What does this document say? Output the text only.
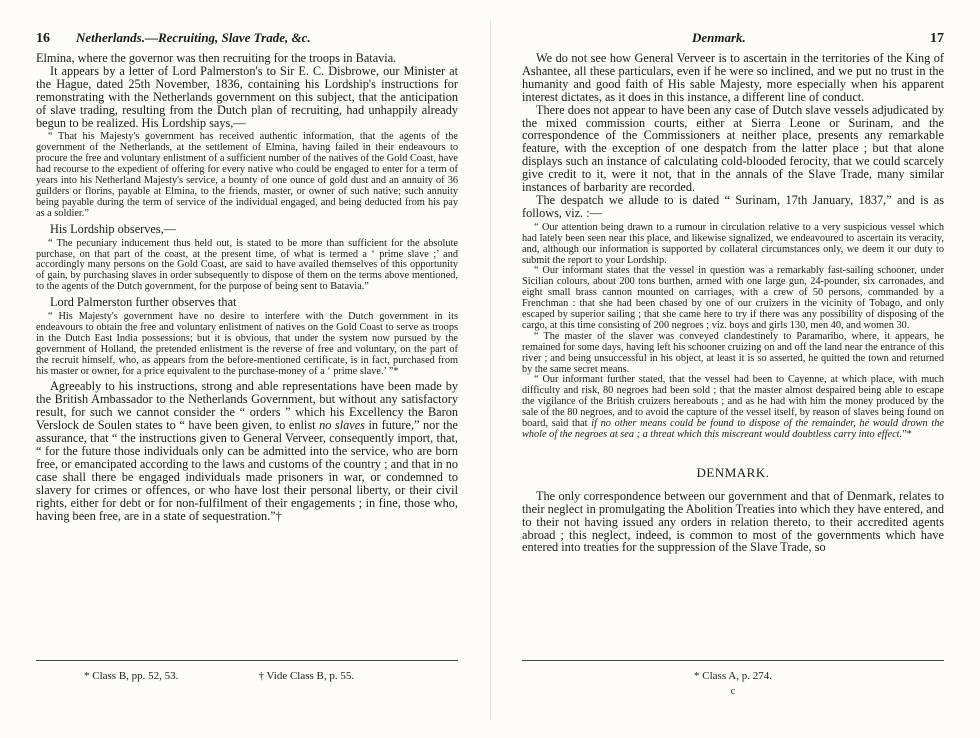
16 Netherlands.—Recruiting, Slave Trade, &c.

Elmina, where the governor was then recruiting for the troops in Batavia.

It appears by a letter of Lord Palmerston's to Sir E. C. Disbrowe, our Minister at the Hague, dated 25th November, 1836, containing his Lordship's instructions for remonstrating with the Netherlands government on this subject, that the anticipation of slave trading, resulting from the Dutch plan of recruiting, had unhappily already begun to be realized. His Lordship says,—

“ That his Majesty's government has received authentic information, that the agents of the government of the Netherlands, at the settlement of Elmina, having failed in their endeavours to procure the free and voluntary enlistment of a sufficient number of the natives of the Gold Coast, have had recourse to the expedient of offering for every native who could be engaged to enter for a term of years into his Netherland Majesty's service, a bounty of one ounce of gold dust and an annuity of 36 guilders or florins, payable at Elmina, to the friends, master, or owner of such native; such annuity being payable during the term of service of the individual engaged, and being deducted from his pay as a soldier.”

His Lordship observes,—

“ The pecuniary inducement thus held out, is stated to be more than sufficient for the absolute purchase, on that part of the coast, at the present time, of what is termed a ‘ prime slave ;’ and accordingly many persons on the Gold Coast, are said to have availed themselves of this opportunity of gain, by purchasing slaves in order subsequently to dispose of them on the terms above mentioned, to the agents of the Dutch government, for the purpose of being sent to Batavia.”

Lord Palmerston further observes that

“ His Majesty's government have no desire to interfere with the Dutch government in its endeavours to obtain the free and voluntary enlistment of natives on the Gold Coast to serve as troops in the Dutch East India possessions; but it is obvious, that under the system now pursued by the government of Holland, the pretended enlistment is the reverse of free and voluntary, on the part of the recruit himself, who, as appears from the before-mentioned certificate, is in fact, purchased from his master or owner, for a price equivalent to the purchase-money of a ‘ prime slave.’ ”*

Agreeably to his instructions, strong and able representations have been made by the British Ambassador to the Netherlands Government, but without any satisfactory result, for such we cannot consider the “ orders ” which his Excellency the Baron Verslock de Soulen states to “ have been given, to enlist no slaves in future,” nor the assurance, that “ the instructions given to General Verveer, consequently import, that, “ for the future those individuals only can be admitted into the service, who are born free, or emancipated according to the laws and customs of the country ; and that in no case shall there be engaged individuals made prisoners in war, or condemned to slavery for crimes or offences, or who have lost their personal liberty, or their civil rights, either for debt or for non-fulfilment of their engagements ; in fine, those who, having been free, are in a state of sequestration.”†

* Class B, pp. 52, 53.	† Vide Class B, p. 55.
Denmark.	17

We do not see how General Verveer is to ascertain in the territories of the King of Ashantee, all these particulars, even if he were so inclined, and we put no trust in the humanity and good faith of His sable Majesty, more especially when his apparent interest dictates, as it does in this instance, a different line of conduct.

There does not appear to have been any case of Dutch slave vessels adjudicated by the mixed commission courts, either at Sierra Leone or Surinam, and the correspondence of the Commissioners at neither place, presents any remarkable feature, with the exception of one despatch from the latter place ; but that alone displays such an instance of calculating cold-blooded ferocity, that we could scarcely give credit to it, were it not, that in the annals of the Slave Trade, many similar instances of barbarity are recorded.

The despatch we allude to is dated “ Surinam, 17th January, 1837,” and is as follows, viz. :—

“ Our attention being drawn to a rumour in circulation relative to a very suspicious vessel which had lately been seen near this place, and likewise signalized, we endeavoured to ascertain its veracity, and, although our information is supported by collateral circumstances only, we deem it our duty to submit the report to your Lordship.

“ Our informant states that the vessel in question was a remarkably fast-sailing schooner, under Sicilian colours, about 200 tons burthen, armed with one large gun, 24-pounder, six carronades, and eight small brass cannon mounted on carriages, with a crew of 50 persons, commanded by a Frenchman : that she had been chased by one of our cruizers in the vicinity of Tobago, and only escaped by superior sailing ; that she came here to try if there was any possibility of disposing of the cargo, at this time consisting of 200 negroes ; viz. boys and girls 130, men 40, and women 30.

“ The master of the slaver was conveyed clandestinely to Paramaribo, where, it appears, he remained for some days, having left his schooner cruizing on and off the land near the entrance of this river ; and being unsuccessful in his object, at least it is so asserted, he quitted the town and returned by the same secret means.

“ Our informant further stated, that the vessel had been to Cayenne, at which place, with much difficulty and risk, 80 negroes had been sold ; that the master almost despaired being able to escape the vigilance of the British cruizers hereabouts ; and as he had with him the money produced by the sale of the 80 negroes, and to avoid the capture of the vessel itself, by reason of slaves being found on board, said that if no other means could be found to dispose of the remainder, he would drown the whole of the negroes at sea ; a threat which this miscreant would doubtless carry into effect.”*

DENMARK.

The only correspondence between our government and that of Denmark, relates to their neglect in promulgating the Abolition Treaties into which they have entered, and to their not having issued any orders in relation thereto, to their accredited agents abroad ; this neglect, indeed, is common to most of the governments which have entered into treaties for the suppression of the Slave Trade, so

* Class A, p. 274.
c
